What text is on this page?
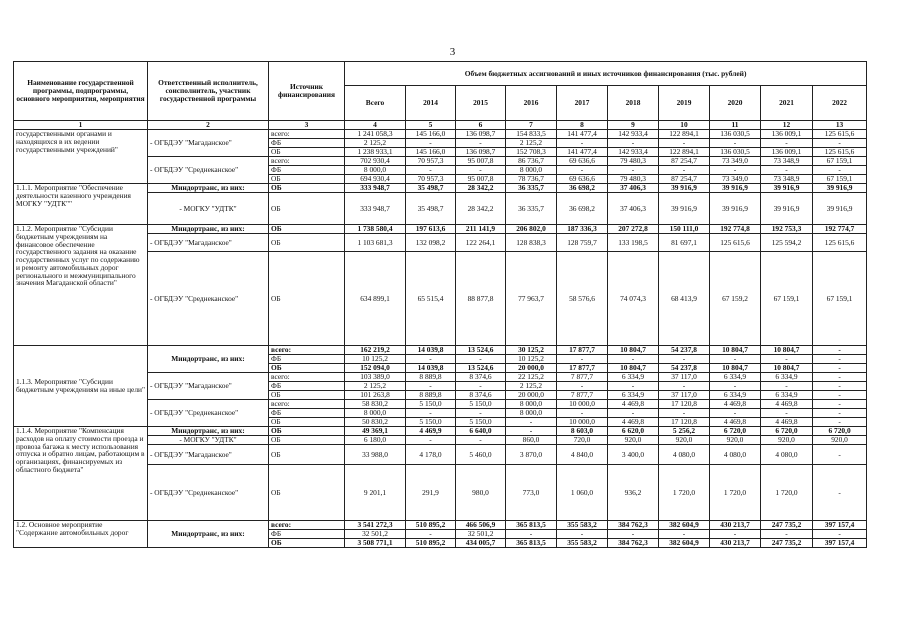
3
Наименование государственной программы, подпрограммы, основного мероприятия, мероприятия	Ответственный исполнитель, соисполнитель, участник государственной программы	Источник финансирования	Объем бюджетных ассигнований и иных источников финансирования (тыс. рублей)									
			Всего	2014	2015	2016	2017	2018	2019	2020	2021	2022
1	2	3	4	5	6	7	8	9	10	11	12	13
государственными органами и находящихся в их ведении государственными учреждений"	- ОГБДЭУ "Магаданское"	всего:	1 241 058,3	145 166,0	136 098,7	154 833,5	141 477,4	142 933,4	122 894,1	136 030,5	136 009,1	125 615,6
		ФБ	2 125,2	-	-	2 125,2	-	-	-	-	-	-
		ОБ	1 238 933,1	145 166,0	136 098,7	152 708,3	141 477,4	142 933,4	122 894,1	136 030,5	136 009,1	125 615,6
	- ОГБДЭУ "Среднеканское"	всего:	702 930,4	70 957,3	95 007,8	86 736,7	69 636,6	79 480,3	87 254,7	73 349,0	73 348,9	67 159,1
		ФБ	8 000,0	-	-	8 000,0	-	-	-	-	-	-
		ОБ	694 930,4	70 957,3	95 007,8	78 736,7	69 636,6	79 480,3	87 254,7	73 349,0	73 348,9	67 159,1
1.1.1. Мероприятие "Обеспечение деятельности казенного учреждения МОГКУ "УДТК""	Миндортранс, из них:	ОБ	333 948,7	35 498,7	28 342,2	36 335,7	36 698,2	37 406,3	39 916,9	39 916,9	39 916,9	39 916,9
	- МОГКУ "УДТК"	ОБ	333 948,7	35 498,7	28 342,2	36 335,7	36 698,2	37 406,3	39 916,9	39 916,9	39 916,9	39 916,9
1.1.2. Мероприятие "Субсидии бюджетным учреждениям на финансовое обеспечение государственного задания на оказание государственных услуг по содержанию и ремонту автомобильных дорог регионального и межмуниципального значения Магаданской области"	Миндортранс, из них:	ОБ	1 738 580,4	197 613,6	211 141,9	206 802,0	187 336,3	207 272,8	150 111,0	192 774,8	192 753,3	192 774,7
	- ОГБДЭУ "Магаданское"	ОБ	1 103 681,3	132 098,2	122 264,1	128 838,3	128 759,7	133 198,5	81 697,1	125 615,6	125 594,2	125 615,6
	- ОГБДЭУ "Среднеканское"	ОБ	634 899,1	65 515,4	88 877,8	77 963,7	58 576,6	74 074,3	68 413,9	67 159,2	67 159,1	67 159,1
1.1.3. Мероприятие "Субсидии бюджетным учреждениям на иные цели"	Миндортранс, из них:	всего:	162 219,2	14 039,8	13 524,6	30 125,2	17 877,7	10 804,7	54 237,8	10 804,7	10 804,7	-
		ФБ	10 125,2	-	-	10 125,2	-	-	-	-	-	-
		ОБ	152 094,0	14 039,8	13 524,6	20 000,0	17 877,7	10 804,7	54 237,8	10 804,7	10 804,7	-
	- ОГБДЭУ "Магаданское"	всего:	103 389,0	8 889,8	8 374,6	22 125,2	7 877,7	6 334,9	37 117,0	6 334,9	6 334,9	-
		ФБ	2 125,2	-	-	2 125,2	-	-	-	-	-	-
		ОБ	101 263,8	8 889,8	8 374,6	20 000,0	7 877,7	6 334,9	37 117,0	6 334,9	6 334,9	-
	- ОГБДЭУ "Среднеканское"	всего:	58 830,2	5 150,0	5 150,0	8 000,0	10 000,0	4 469,8	17 120,8	4 469,8	4 469,8	-
		ФБ	8 000,0	-	-	8 000,0	-	-	-	-	-	-
		ОБ	50 830,2	5 150,0	5 150,0	-	10 000,0	4 469,8	17 120,8	4 469,8	4 469,8	-
1.1.4. Мероприятие "Компенсация расходов на оплату стоимости проезда и провоза багажа к месту использования отпуска и обратно лицам, работающим в организациях, финансируемых из областного бюджета"	Миндортранс, из них:	ОБ	49 369,1	4 469,9	6 640,0	-	8 603,0	6 620,0	5 256,2	6 720,0	6 720,0	6 720,0
	- МОГКУ "УДТК"	ОБ	6 180,0	-	-	860,0	720,0	920,0	920,0	920,0	920,0	920,0
	- ОГБДЭУ "Магаданское"	ОБ	33 988,0	4 178,0	5 460,0	3 870,0	4 840,0	3 400,0	4 080,0	4 080,0	4 080,0	-
	- ОГБДЭУ "Среднеканское"	ОБ	9 201,1	291,9	980,0	773,0	1 060,0	936,2	1 720,0	1 720,0	1 720,0	-
1.2. Основное мероприятие "Содержание автомобильных дорог	Миндортранс, из них:	всего:	3 541 272,3	510 895,2	466 506,9	365 813,5	355 583,2	384 762,3	382 604,9	430 213,7	247 735,2	397 157,4
		ФБ	32 501,2	-	32 501,2	-	-	-	-	-	-	-
		ОБ	3 508 771,1	510 895,2	434 005,7	365 813,5	355 583,2	384 762,3	382 604,9	430 213,7	247 735,2	397 157,4
